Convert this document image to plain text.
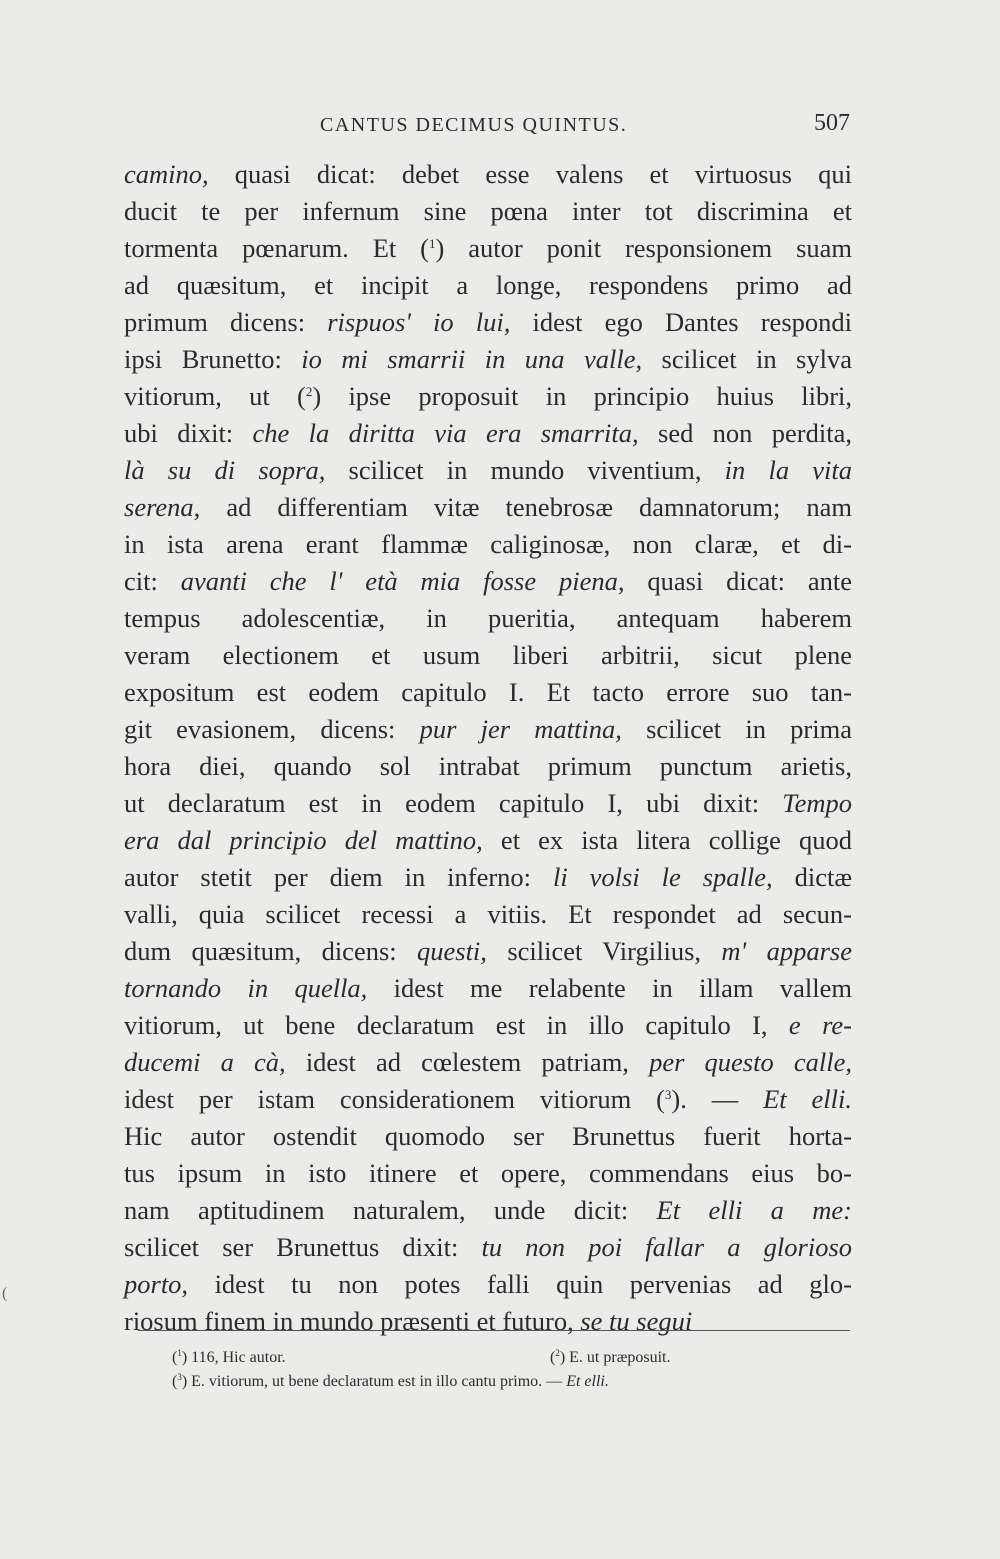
CANTUS DECIMUS QUINTUS.	507
camino, quasi dicat: debet esse valens et virtuosus qui
ducit te per infernum sine pœna inter tot discrimina et
tormenta pœnarum. Et ($^1$) autor ponit responsionem suam
ad quæsitum, et incipit a longe, respondens primo ad
primum dicens: rispuos' io lui, idest ego Dantes respondi
ipsi Brunetto: io mi smarrii in una valle, scilicet in sylva
vitiorum, ut ($^2$) ipse proposuit in principio huius libri,
ubi dixit: che la diritta via era smarrita, sed non perdita,
là su di sopra, scilicet in mundo viventium, in la vita
serena, ad differentiam vitæ tenebrosæ damnatorum; nam
in ista arena erant flammæ caliginosæ, non claræ, et di-
cit: avanti che l' età mia fosse piena, quasi dicat: ante
tempus adolescentiæ, in pueritia, antequam haberem
veram electionem et usum liberi arbitrii, sicut plene
expositum est eodem capitulo I. Et tacto errore suo tan-
git evasionem, dicens: pur jer mattina, scilicet in prima
hora diei, quando sol intrabat primum punctum arietis,
ut declaratum est in eodem capitulo I, ubi dixit: Tempo
era dal principio del mattino, et ex ista litera collige quod
autor stetit per diem in inferno: li volsi le spalle, dictæ
valli, quia scilicet recessi a vitiis. Et respondet ad secun-
dum quæsitum, dicens: questi, scilicet Virgilius, m' apparse
tornando in quella, idest me relabente in illam vallem
vitiorum, ut bene declaratum est in illo capitulo I, e re-
ducemi a cà, idest ad cœlestem patriam, per questo calle,
idest per istam considerationem vitiorum ($^3$). — Et elli.
Hic autor ostendit quomodo ser Brunettus fuerit horta-
tus ipsum in isto itinere et opere, commendans eius bo-
nam aptitudinem naturalem, unde dicit: Et elli a me:
scilicet ser Brunettus dixit: tu non poi fallar a glorioso
porto, idest tu non potes falli quin pervenias ad glo-
riosum finem in mundo præsenti et futuro, se tu segui
($^1$) 116, Hic autor.	($^2$) E. ut præposuit.
($^3$) E. vitiorum, ut bene declaratum est in illo cantu primo. — Et elli.
(
